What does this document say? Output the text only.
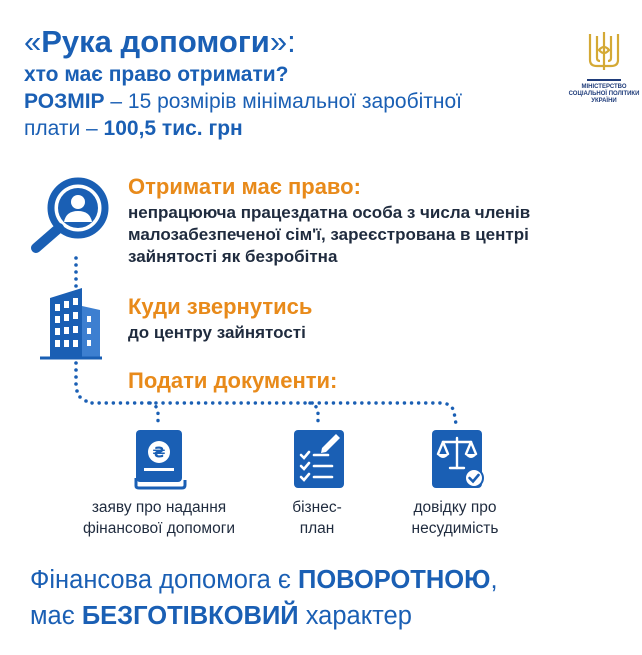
«Рука допомоги»:
хто має право отримати?
РОЗМІР – 15 розмірів мінімальної заробітної плати – 100,5 тис. грн
МІНІСТЕРСТВО
СОЦІАЛЬНОЇ ПОЛІТИКИ
УКРАЇНИ
Отримати має право:
непрацююча працездатна особа з числа членів малозабезпеченої сім'ї, зареєстрована в центрі зайнятості як безробітна
Куди звернутись
до центру зайнятості
Подати документи:
₴
заяву про надання фінансової допомоги
бізнес-план
довідку про несудимість
Фінансова допомога є ПОВОРОТНОЮ,
має БЕЗГОТІВКОВИЙ характер
